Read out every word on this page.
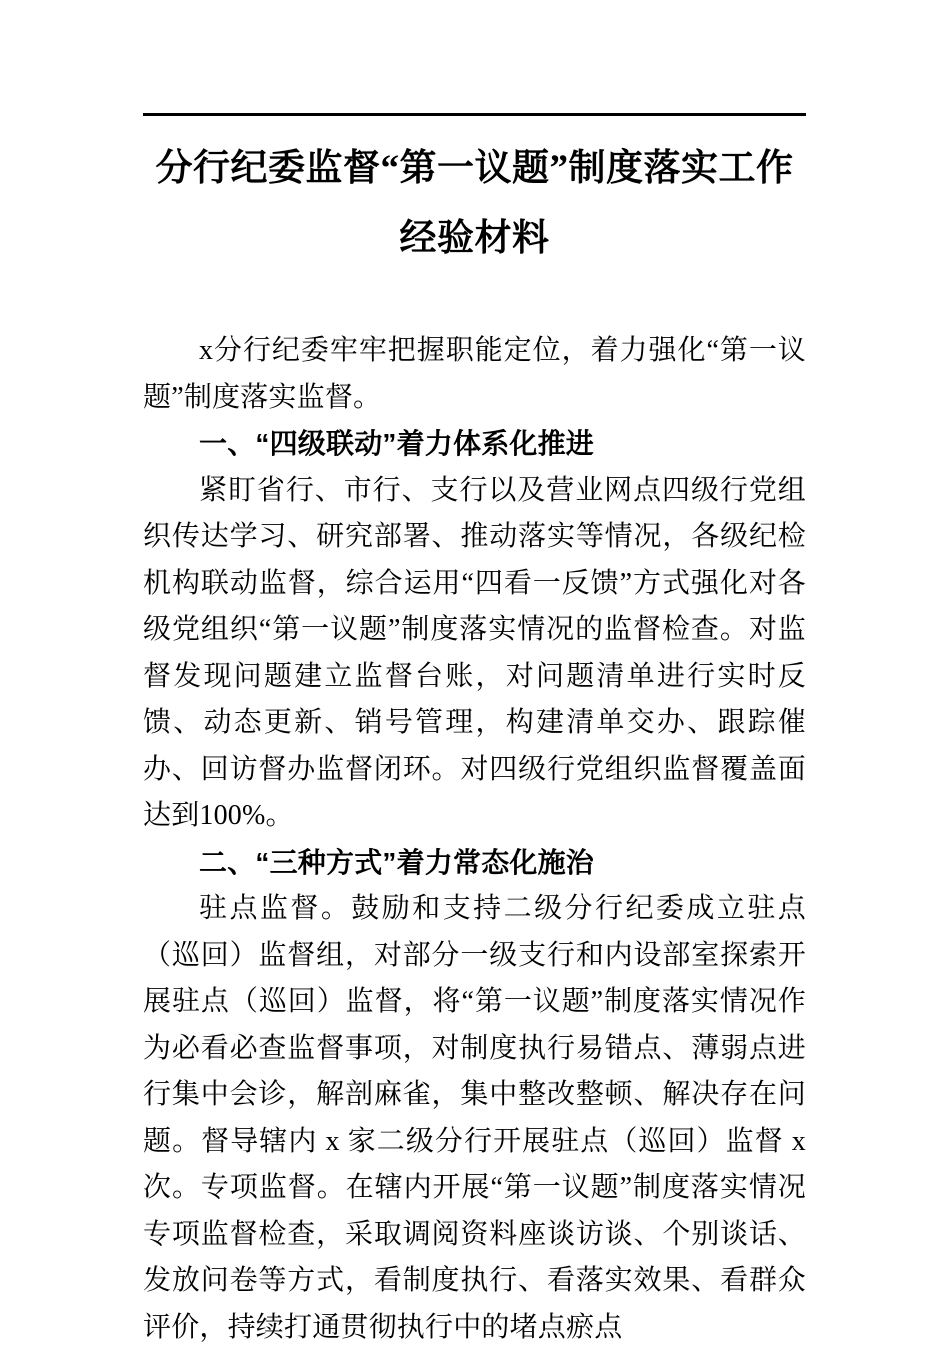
分行纪委监督“第一议题”制度落实工作
经验材料

x分行纪委牢牢把握职能定位，着力强化“第一议题”制度落实监督。

一、“四级联动”着力体系化推进

紧盯省行、市行、支行以及营业网点四级行党组织传达学习、研究部署、推动落实等情况，各级纪检机构联动监督，综合运用“四看一反馈”方式强化对各级党组织“第一议题”制度落实情况的监督检查。对监督发现问题建立监督台账，对问题清单进行实时反馈、动态更新、销号管理，构建清单交办、跟踪催办、回访督办监督闭环。对四级行党组织监督覆盖面达到100%。

二、“三种方式”着力常态化施治

驻点监督。鼓励和支持二级分行纪委成立驻点（巡回）监督组，对部分一级支行和内设部室探索开展驻点（巡回）监督，将“第一议题”制度落实情况作为必看必查监督事项，对制度执行易错点、薄弱点进行集中会诊，解剖麻雀，集中整改整顿、解决存在问题。督导辖内 x 家二级分行开展驻点（巡回）监督 x 次。专项监督。在辖内开展“第一议题”制度落实情况专项监督检查，采取调阅资料座谈访谈、个别谈话、发放问卷等方式，看制度执行、看落实效果、看群众评价，持续打通贯彻执行中的堵点瘀点
